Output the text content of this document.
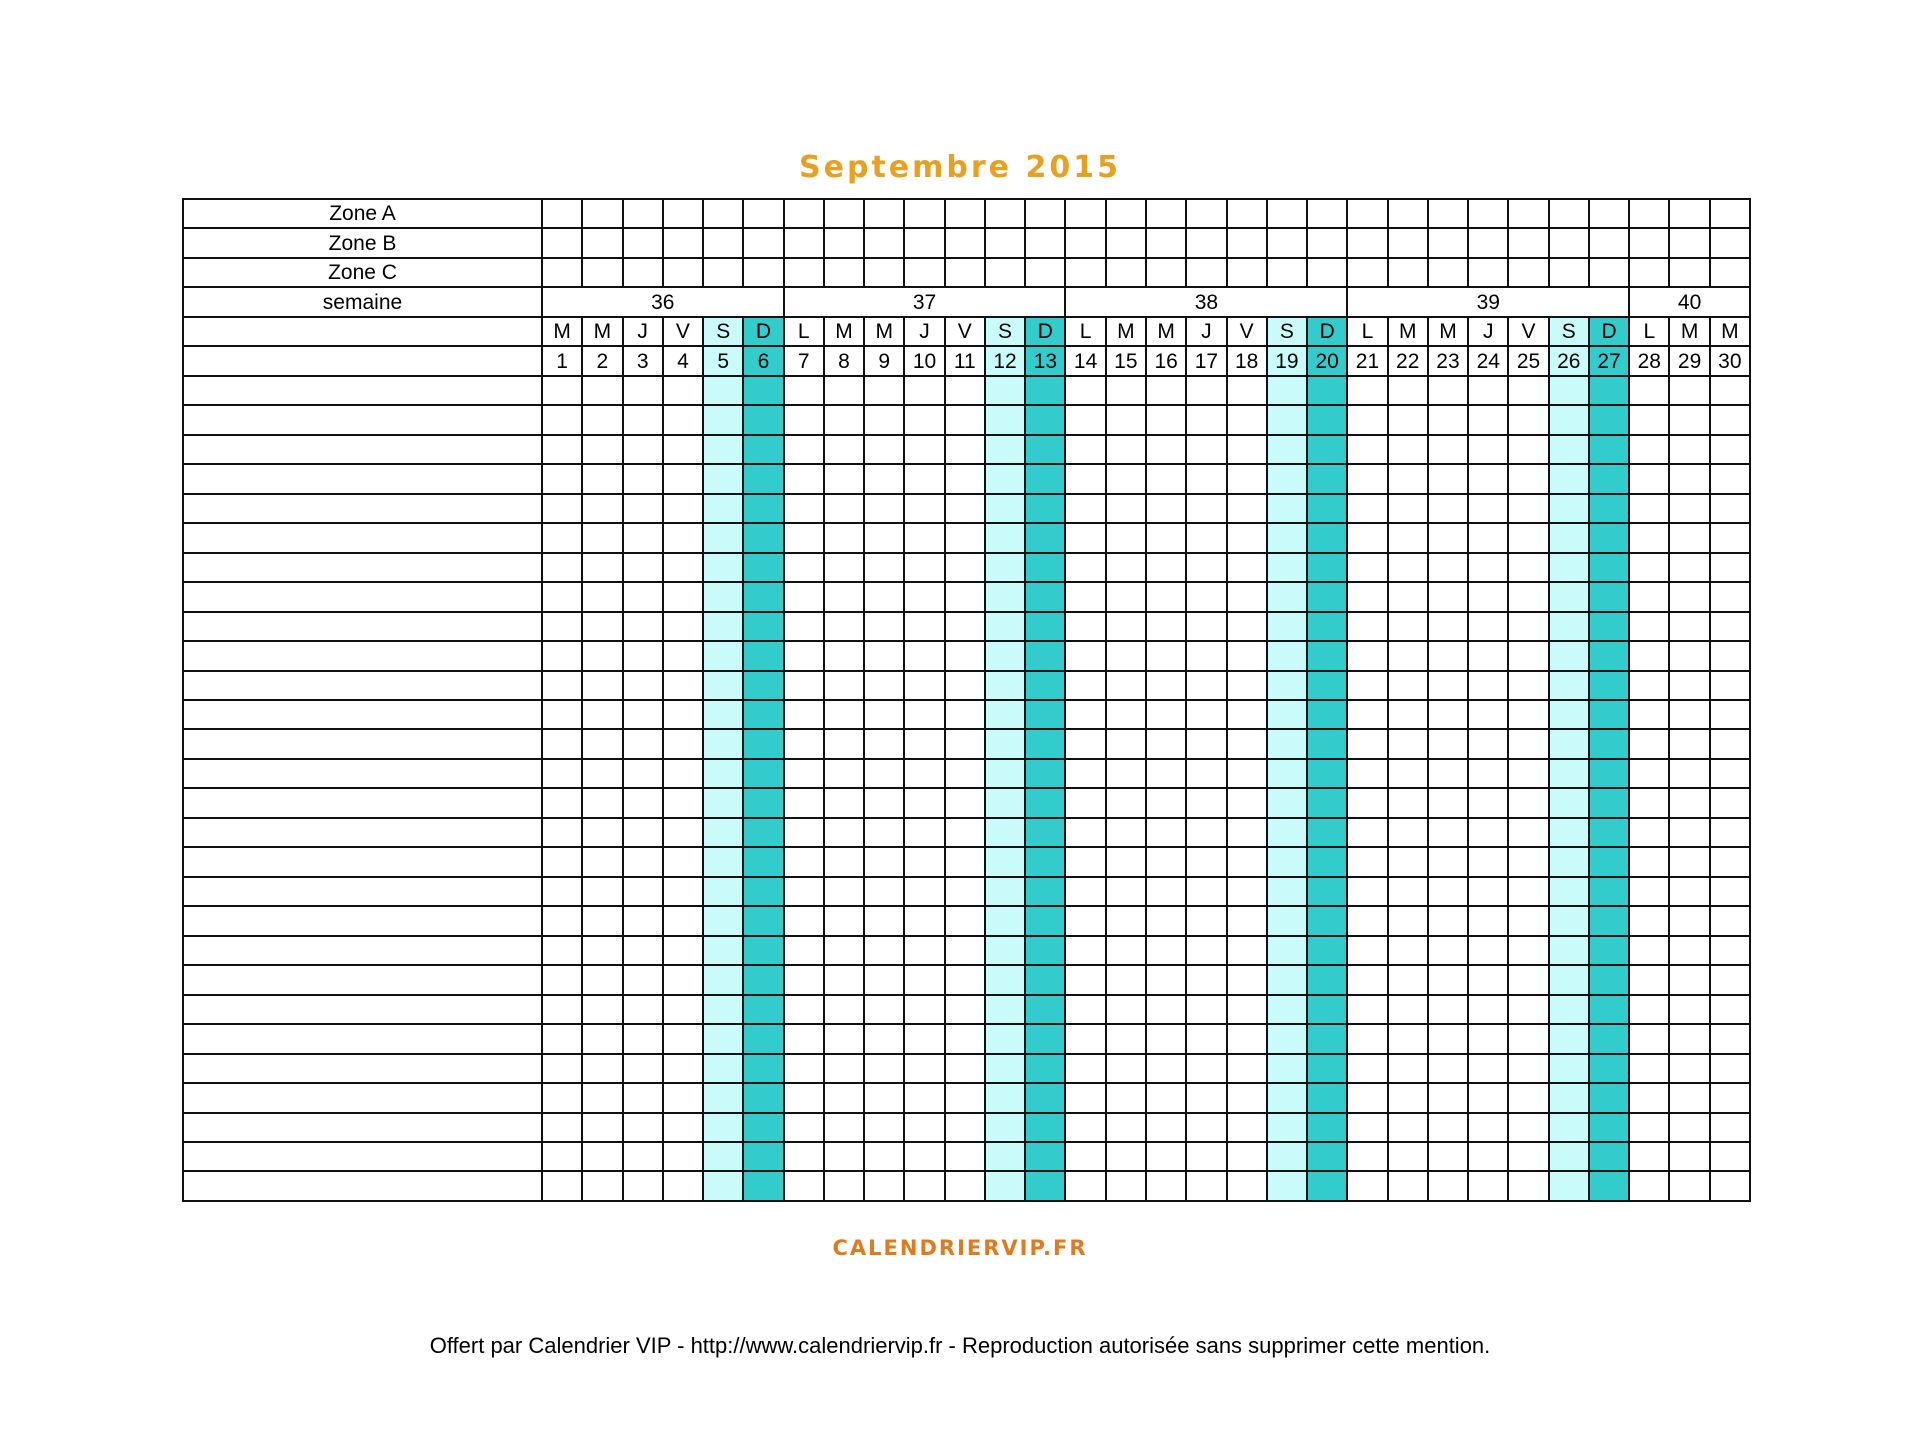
Septembre 2015
Zone A																														
Zone B																														
Zone C																														
semaine	36						37							38							39							40		
	M	M	J	V	S	D	L	M	M	J	V	S	D	L	M	M	J	V	S	D	L	M	M	J	V	S	D	L	M	M
	1	2	3	4	5	6	7	8	9	10	11	12	13	14	15	16	17	18	19	20	21	22	23	24	25	26	27	28	29	30

CALENDRIERVIP.FR
Offert par Calendrier VIP - http://www.calendriervip.fr - Reproduction autorisée sans supprimer cette mention.
